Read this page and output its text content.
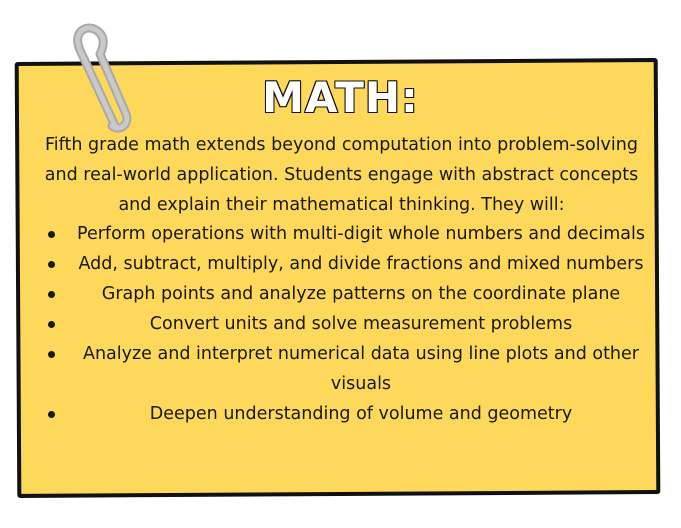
MATH:
Fifth grade math extends beyond computation into problem-solving and real-world application. Students engage with abstract concepts and explain their mathematical thinking. They will:
Perform operations with multi-digit whole numbers and decimals
Add, subtract, multiply, and divide fractions and mixed numbers
Graph points and analyze patterns on the coordinate plane
Convert units and solve measurement problems
Analyze and interpret numerical data using line plots and other visuals
Deepen understanding of volume and geometry
